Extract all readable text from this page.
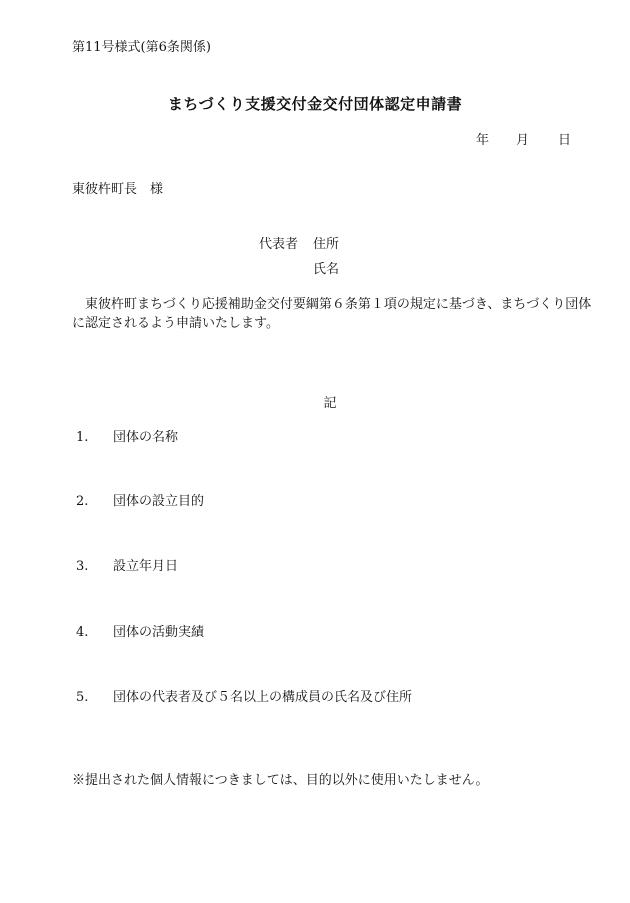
第11号様式(第6条関係)
まちづくり支援交付金交付団体認定申請書
年 月 日
東彼杵町長　様
代表者 住所
氏名
東彼杵町まちづくり応援補助金交付要綱第６条第１項の規定に基づき、まちづくり団体に認定されるよう申請いたします。
記
1. 団体の名称
2. 団体の設立目的
3. 設立年月日
4. 団体の活動実績
5. 団体の代表者及び５名以上の構成員の氏名及び住所
※提出された個人情報につきましては、目的以外に使用いたしません。
